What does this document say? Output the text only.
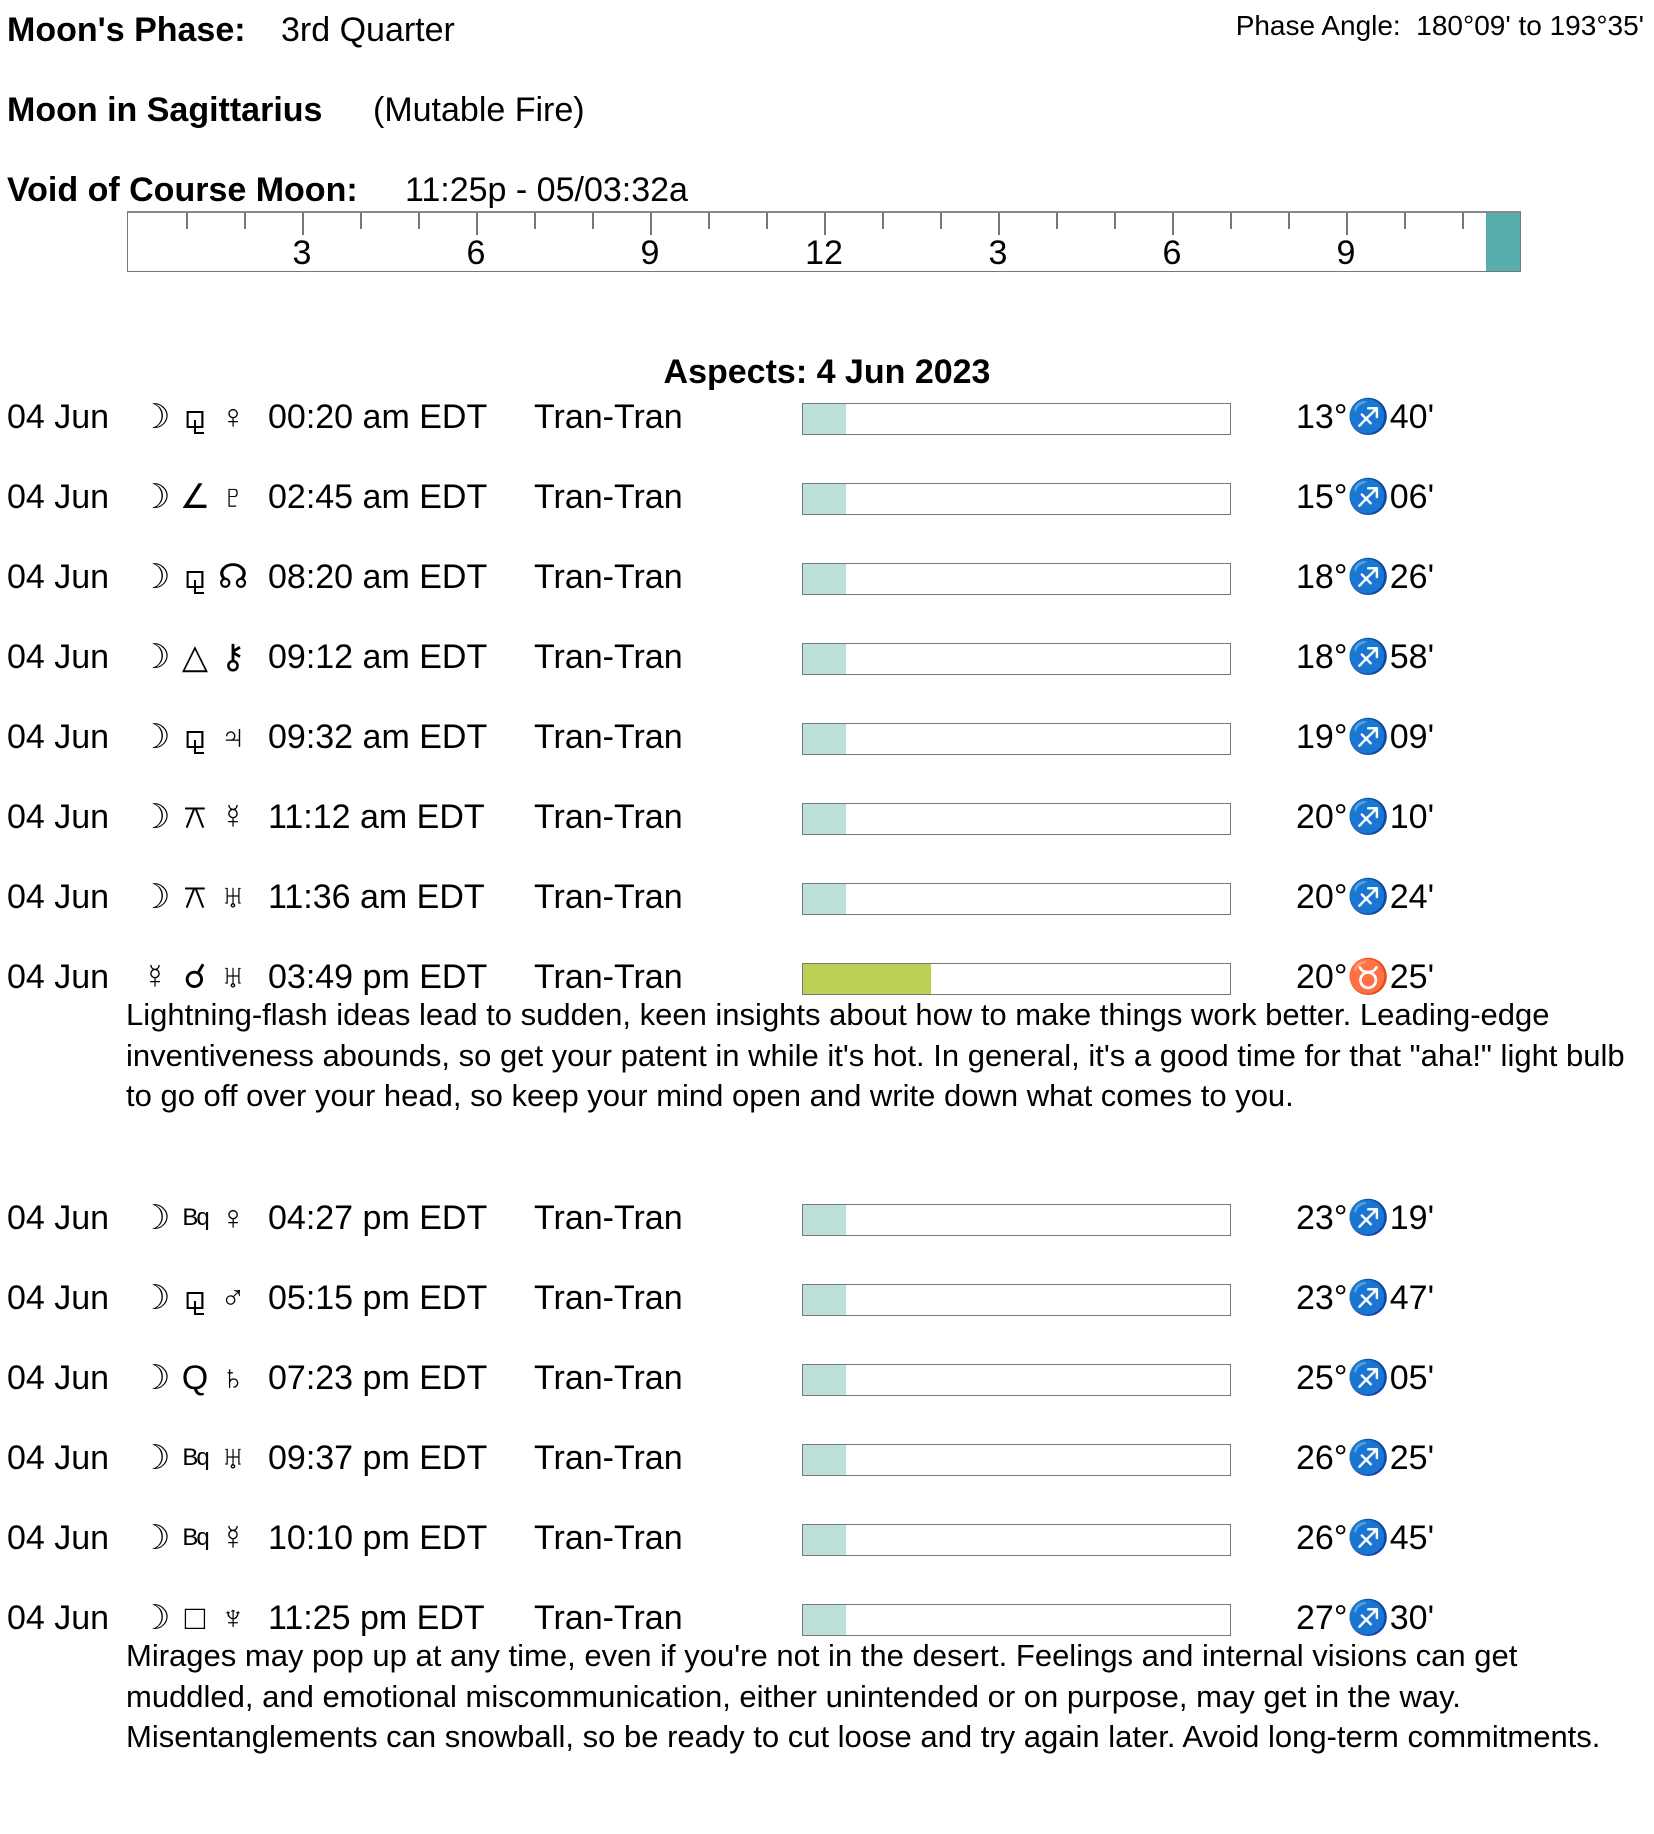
Moon's Phase: 3rd Quarter	Phase Angle: 180°09' to 193°35'
Moon in Sagittarius (Mutable Fire)
Void of Course Moon: 11:25p - 05/03:32a
3	6	9	12	3	6	9
Aspects: 4 Jun 2023
04 Jun ☽ ⚼ ♀ 00:20 am EDT Tran-Tran	13°♐40'
04 Jun ☽ ∠ ♇ 02:45 am EDT Tran-Tran	15°♐06'
04 Jun ☽ ⚼ ☊ 08:20 am EDT Tran-Tran	18°♐26'
04 Jun ☽ △ ⚷ 09:12 am EDT Tran-Tran	18°♐58'
04 Jun ☽ ⚼ ♃ 09:32 am EDT Tran-Tran	19°♐09'
04 Jun ☽ ⚻ ☿ 11:12 am EDT Tran-Tran	20°♐10'
04 Jun ☽ ⚻ ♅ 11:36 am EDT Tran-Tran	20°♐24'
04 Jun ☿ ☌ ♅ 03:49 pm EDT Tran-Tran	20°♉25'
Lightning-flash ideas lead to sudden, keen insights about how to make things work better. Leading-edge inventiveness abounds, so get your patent in while it's hot. In general, it's a good time for that "aha!" light bulb to go off over your head, so keep your mind open and write down what comes to you.
04 Jun ☽ Bq ♀ 04:27 pm EDT Tran-Tran	23°♐19'
04 Jun ☽ ⚼ ♂ 05:15 pm EDT Tran-Tran	23°♐47'
04 Jun ☽ Q ♄ 07:23 pm EDT Tran-Tran	25°♐05'
04 Jun ☽ Bq ♅ 09:37 pm EDT Tran-Tran	26°♐25'
04 Jun ☽ Bq ☿ 10:10 pm EDT Tran-Tran	26°♐45'
04 Jun ☽ □ ♆ 11:25 pm EDT Tran-Tran	27°♐30'
Mirages may pop up at any time, even if you're not in the desert. Feelings and internal visions can get muddled, and emotional miscommunication, either unintended or on purpose, may get in the way. Misentanglements can snowball, so be ready to cut loose and try again later. Avoid long-term commitments.
